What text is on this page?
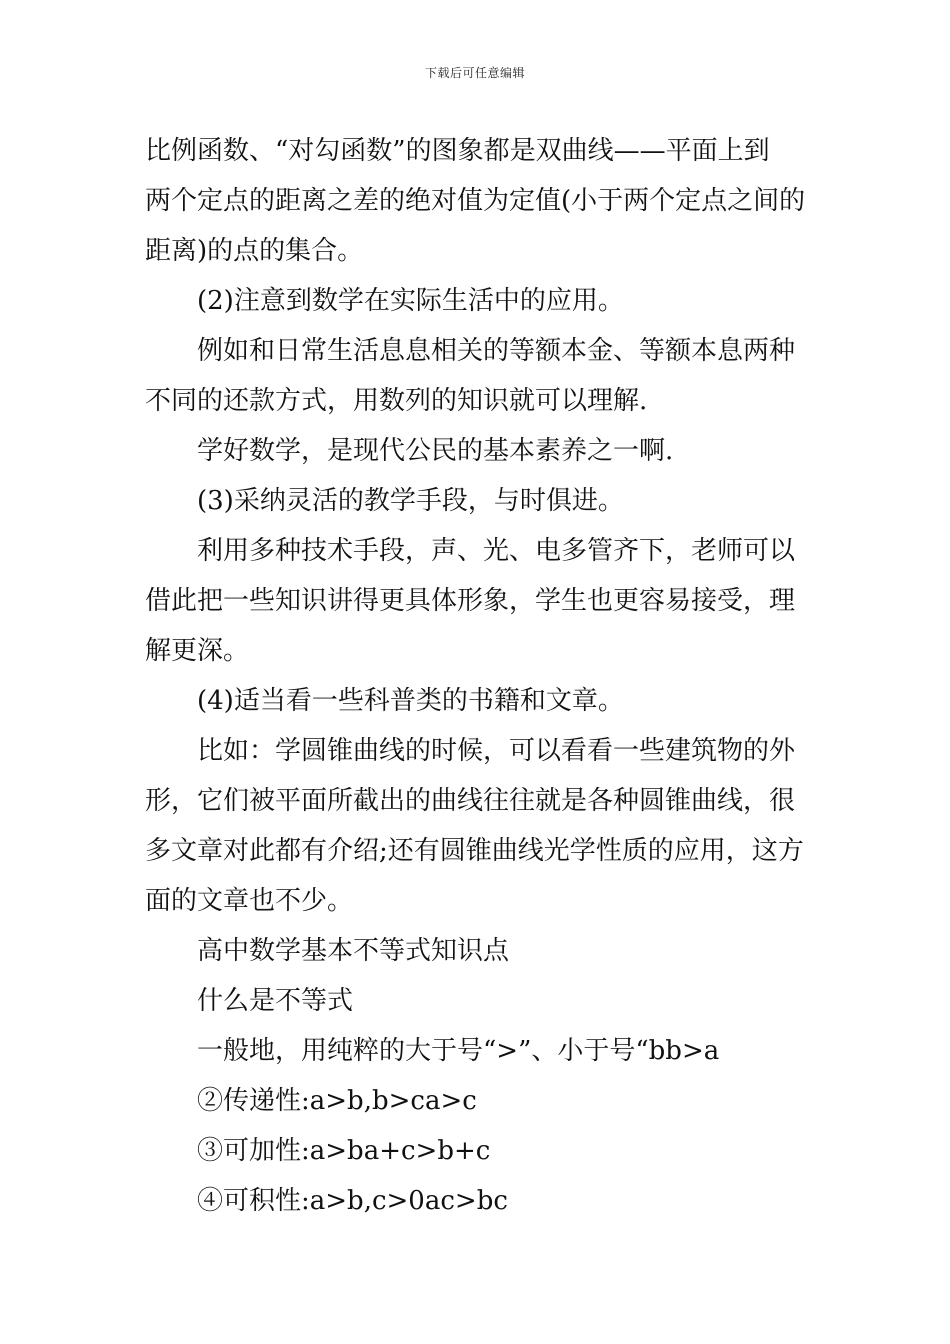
下载后可任意编辑
比例函数、“对勾函数”的图象都是双曲线——平面上到
两个定点的距离之差的绝对值为定值(小于两个定点之间的
距离)的点的集合。
(2)注意到数学在实际生活中的应用。
例如和日常生活息息相关的等额本金、等额本息两种
不同的还款方式，用数列的知识就可以理解.
学好数学，是现代公民的基本素养之一啊.
(3)采纳灵活的教学手段，与时俱进。
利用多种技术手段，声、光、电多管齐下，老师可以
借此把一些知识讲得更具体形象，学生也更容易接受，理
解更深。
(4)适当看一些科普类的书籍和文章。
比如：学圆锥曲线的时候，可以看看一些建筑物的外
形，它们被平面所截出的曲线往往就是各种圆锥曲线，很
多文章对此都有介绍;还有圆锥曲线光学性质的应用，这方
面的文章也不少。
高中数学基本不等式知识点
什么是不等式
一般地，用纯粹的大于号“>”、小于号“bb>a
②传递性:a>b,b>ca>c
③可加性:a>ba+c>b+c
④可积性:a>b,c>0ac>bc
